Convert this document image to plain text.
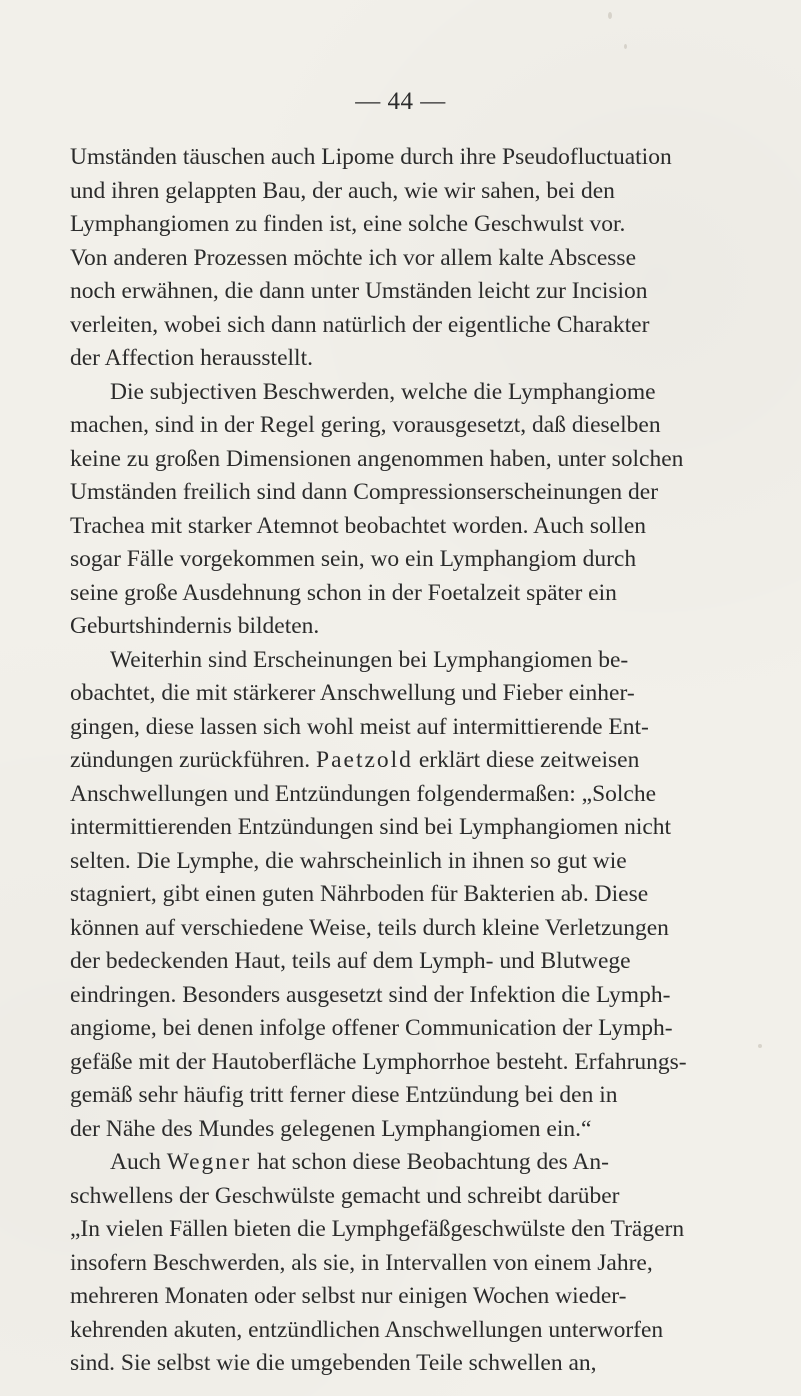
— 44 —

Umständen täuschen auch Lipome durch ihre Pseudofluctuation
und ihren gelappten Bau, der auch, wie wir sahen, bei den
Lymphangiomen zu finden ist, eine solche Geschwulst vor.
Von anderen Prozessen möchte ich vor allem kalte Abscesse
noch erwähnen, die dann unter Umständen leicht zur Incision
verleiten, wobei sich dann natürlich der eigentliche Charakter
der Affection herausstellt.

Die subjectiven Beschwerden, welche die Lymphangiome
machen, sind in der Regel gering, vorausgesetzt, daß dieselben
keine zu großen Dimensionen angenommen haben, unter solchen
Umständen freilich sind dann Compressionserscheinungen der
Trachea mit starker Atemnot beobachtet worden. Auch sollen
sogar Fälle vorgekommen sein, wo ein Lymphangiom durch
seine große Ausdehnung schon in der Foetalzeit später ein
Geburtshindernis bildeten.

Weiterhin sind Erscheinungen bei Lymphangiomen be-
obachtet, die mit stärkerer Anschwellung und Fieber einher-
gingen, diese lassen sich wohl meist auf intermittierende Ent-
zündungen zurückführen. Paetzold erklärt diese zeitweisen
Anschwellungen und Entzündungen folgendermaßen: „Solche
intermittierenden Entzündungen sind bei Lymphangiomen nicht
selten. Die Lymphe, die wahrscheinlich in ihnen so gut wie
stagniert, gibt einen guten Nährboden für Bakterien ab. Diese
können auf verschiedene Weise, teils durch kleine Verletzungen
der bedeckenden Haut, teils auf dem Lymph- und Blutwege
eindringen. Besonders ausgesetzt sind der Infektion die Lymph-
angiome, bei denen infolge offener Communication der Lymph-
gefäße mit der Hautoberfläche Lymphorrhoe besteht. Erfahrungs-
gemäß sehr häufig tritt ferner diese Entzündung bei den in
der Nähe des Mundes gelegenen Lymphangiomen ein.“

Auch Wegner hat schon diese Beobachtung des An-
schwellens der Geschwülste gemacht und schreibt darüber
„In vielen Fällen bieten die Lymphgefäßgeschwülste den Trägern
insofern Beschwerden, als sie, in Intervallen von einem Jahre,
mehreren Monaten oder selbst nur einigen Wochen wieder-
kehrenden akuten, entzündlichen Anschwellungen unterworfen
sind. Sie selbst wie die umgebenden Teile schwellen an,
